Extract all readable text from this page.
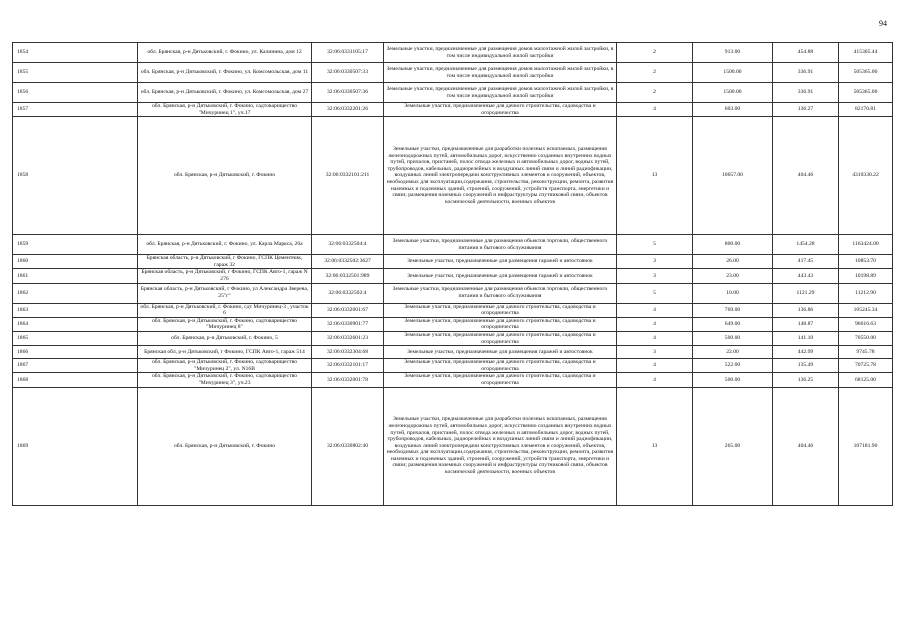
94
1854	обл. Брянская, р-н Дятьковский, г. Фокино, ул. Калинина, дом 12	32:06:0331105:17	Земельные участки, предназначенные для размещения домов малоэтажной жилой застройки, в том числе индивидуальной жилой застройки	2	913.00	454.88	415305.44
1855	обл. Брянская, р-н Дятьковский, г. Фокино, ул. Комсомольская, дом 11	32:06:0330507:33	Земельные участки, предназначенные для размещения домов малоэтажной жилой застройки, в том числе индивидуальной жилой застройки	2	1500.00	336.91	505365.00
1856	обл. Брянская, р-н Дятьковский, г. Фокино, ул. Комсомольская, дом 27	32:06:0330507:36	Земельные участки, предназначенные для размещения домов малоэтажной жилой застройки, в том числе индивидуальной жилой застройки	2	1500.00	336.91	505365.00
1857	обл. Брянская, р-н Дятьковский, г. Фокино, садтоварищество "Мичуринец 1", уч.17	32:06:0332201:26	Земельные участки, предназначенные для дачного строительства, садоводства и огородничества	4	603.00	136.27	82170.81
1858	обл. Брянская, р-н Дятьковский, г. Фокино	32:06:0332101:211	Земельные участки, предназначенные для разработки полезных ископаемых, размещения железнодорожных путей, автомобильных дорог, искусственно созданных внутренних водных путей, причалов, пристаней, полос отвода железных и автомобильных дорог, водных путей, трубопроводов, кабельных, радиорелейных и воздушных линий связи и линий радиофикации, воздушных линий электропередачи конструктивных элементов и сооружений, объектов, необходимых для эксплуатации,содержания, строительства, реконструкции, ремонта, развития наземных и подземных зданий, строений, сооружений, устройств транспорта, энергетики и связи; размещения наземных сооружений и инфраструктуры спутниковой связи, объектов космической деятельности, военных объектов	13	10657.00	404.46	4310330.22
1859	обл. Брянская, р-н Дятьковский, г. Фокино, ул. Карла Маркса, 26а	32:06:0332504:4	Земельные участки, предназначенные для размещения объектов торговли, общественного питания и бытового обслуживания	5	800.00	1454.28	1163424.00
1860	Брянская область, р-н Дятьковский, г Фокино, ГСПК Цементник, гараж 32	32:06:0332502:3627	Земельные участки, предназначенные для размещения гаражей и автостоянок	3	26.00	417.45	10853.70
1861	Брянская область, р-н Дятьковский, г Фокино, ГСПК Авто-1, гараж N 276	32:06:0332501:989	Земельные участки, предназначенные для размещения гаражей и автостоянок	3	23.00	443.43	10198.89
1862	Брянская область, р-н Дятьковский, г Фокино, ул Александра Зверева, 25"г"	32:06:0332502:4	Земельные участки, предназначенные для размещения объектов торговли, общественного питания и бытового обслуживания	5	10.00	1121.29	11212.90
1863	обл. Брянская, р-н Дятьковский, г. Фокино, сдт Мичуринец-3 , участок 6	32:06:0332001:67	Земельные участки, предназначенные для дачного строительства, садоводства и огородничества	4	769.00	136.86	105245.34
1864	обл. Брянская, р-н Дятьковский, г. Фокино, садтоварищество "Мичуринец 8"	32:06:0330901:77	Земельные участки, предназначенные для дачного строительства, садоводства и огородничества	4	649.00	148.87	96616.63
1865	обл. Брянская, р-н Дятьковский, г. Фокино, 5	32:06:0332601:23	Земельные участки, предназначенные для дачного строительства, садоводства и огородничества	4	500.00	141.10	70550.00
1866	Брянская обл, р-н Дятьковский, г Фокино, ГСПК Авто-1, гараж 514	32:06:0332304:68	Земельные участки, предназначенные для размещения гаражей и автостоянок	3	22.00	442.99	9745.78
1867	обл. Брянская, р-н Дятьковский, г. Фокино, садтоварищество "Мичуринец 2", ул. N16В	32:06:0332101:17	Земельные участки, предназначенные для дачного строительства, садоводства и огородничества	4	522.00	135.49	70725.78
1868	обл. Брянская, р-н Дятьковский, г. Фокино, садтоварищество "Мичуринец 3", уч.23	32:06:0332001:78	Земельные участки, предназначенные для дачного строительства, садоводства и огородничества	4	500.00	136.25	68125.00
1869	обл. Брянская, р-н Дятьковский, г. Фокино	32:06:0330802:40	Земельные участки, предназначенные для разработки полезных ископаемых, размещения железнодорожных путей, автомобильных дорог, искусственно созданных внутренних водных путей, причалов, пристаней, полос отвода железных и автомобильных дорог, водных путей, трубопроводов, кабельных, радиорелейных и воздушных линий связи и линий радиофикации, воздушных линий электропередачи конструктивных элементов и сооружений, объектов, необходимых для эксплуатации,содержания, строительства, реконструкции, ремонта, развития наземных и подземных зданий, строений, сооружений, устройств транспорта, энергетики и связи; размещения наземных сооружений и инфраструктуры спутниковой связи, объектов космической деятельности, военных объектов	13	265.00	404.46	107181.90
